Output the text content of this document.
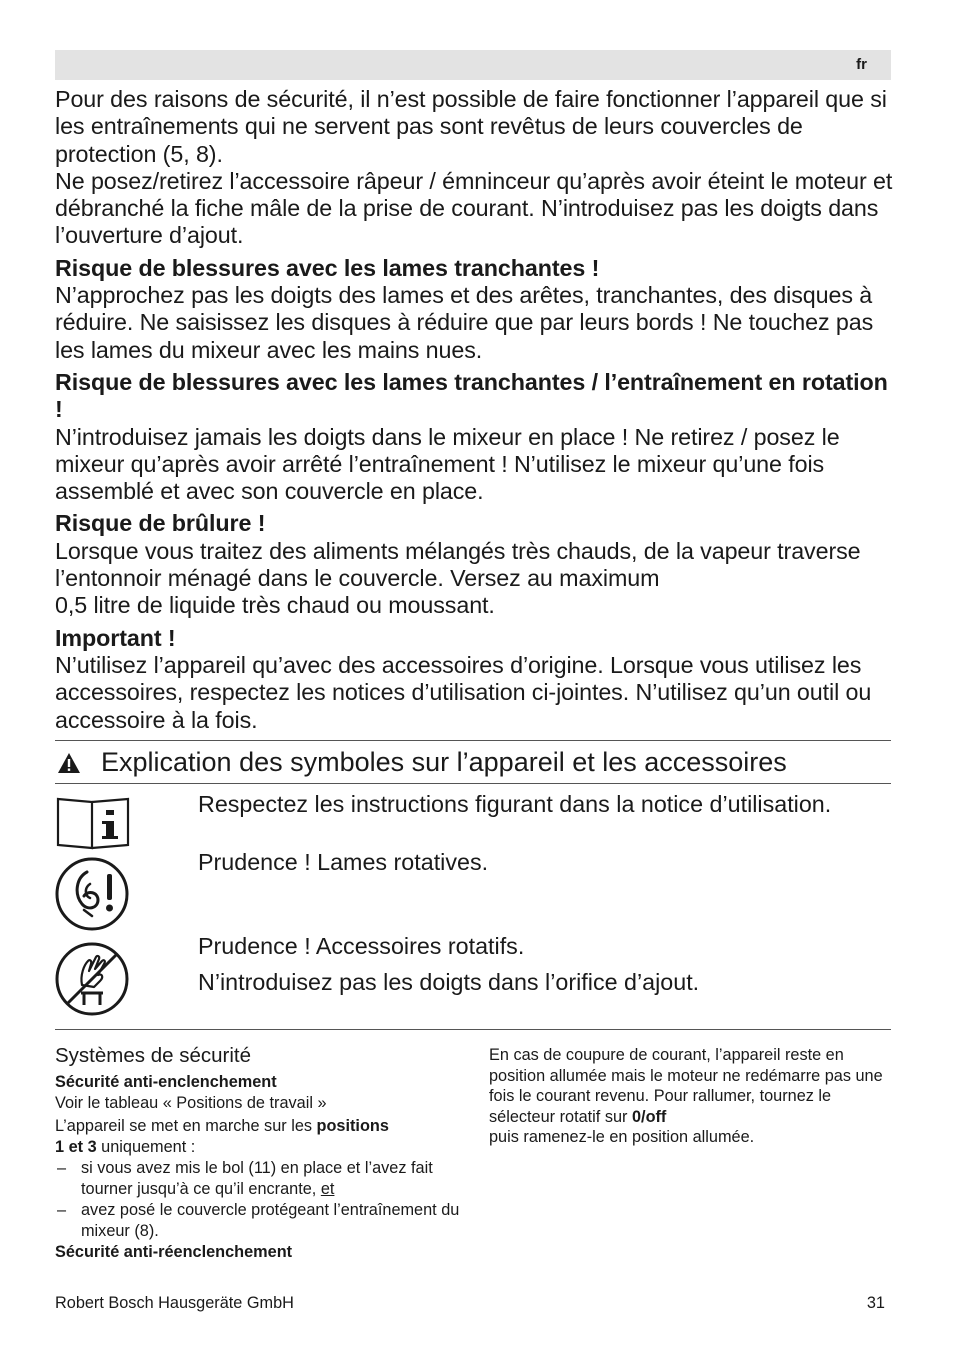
fr

Pour des raisons de sécurité, il n’est possible de faire fonctionner l’appareil que si les entraînements qui ne servent pas sont revêtus de leurs couvercles de protection (5, 8).

Ne posez/retirez l’accessoire râpeur / émninceur qu’après avoir éteint le moteur et débranché la fiche mâle de la prise de courant. N’introduisez pas les doigts dans l’ouverture d’ajout.

Risque de blessures avec les lames tranchantes !

N’approchez pas les doigts des lames et des arêtes, tranchantes, des disques à réduire. Ne saisissez les disques à réduire que par leurs bords ! Ne touchez pas les lames du mixeur avec les mains nues.

Risque de blessures avec les lames tranchantes / l’entraînement en rotation !

N’introduisez jamais les doigts dans le mixeur en place ! Ne retirez / posez le mixeur qu’après avoir arrêté l’entraînement ! N’utilisez le mixeur qu’une fois assemblé et avec son couvercle en place.

Risque de brûlure !

Lorsque vous traitez des aliments mélangés très chauds, de la vapeur traverse l’entonnoir ménagé dans le couvercle. Versez au maximum
0,5 litre de liquide très chaud ou moussant.

Important !

N’utilisez l’appareil qu’avec des accessoires d’origine. Lorsque vous utilisez les accessoires, respectez les notices d’utilisation ci-jointes. N’utilisez qu’un outil ou accessoire à la fois.

Explication des symboles sur l’appareil et les accessoires
Respectez les instructions figurant dans la notice d’utilisation.
Prudence ! Lames rotatives.
Prudence ! Accessoires rotatifs.
N’introduisez pas les doigts dans l’orifice d’ajout.
Systèmes de sécurité

Sécurité anti-enclenchement

Voir le tableau « Positions de travail »

L’appareil se met en marche sur les positions
1 et 3 uniquement :

– si vous avez mis le bol (11) en place et l’avez fait tourner jusqu’à ce qu’il encrante, et

– avez posé le couvercle protégeant l’entraînement du mixeur (8).

Sécurité anti-réenclenchement

En cas de coupure de courant, l’appareil reste en position allumée mais le moteur ne redémarre pas une fois le courant revenu. Pour rallumer, tournez le sélecteur rotatif sur 0/off
puis ramenez-le en position allumée.

Robert Bosch Hausgeräte GmbH	31
